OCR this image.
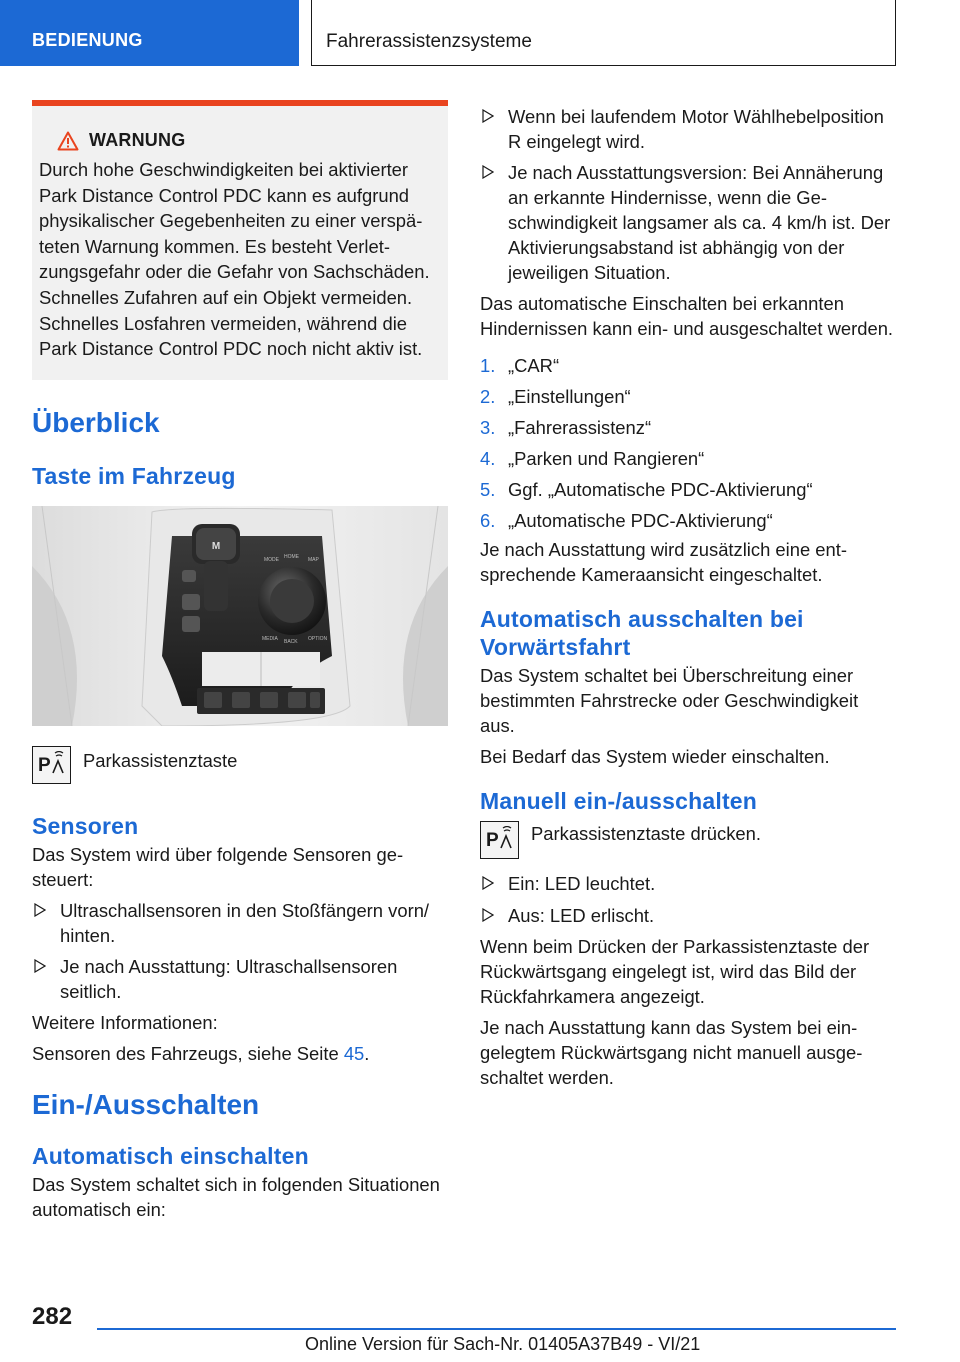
BEDIENUNG	Fahrerassistenzsysteme
WARNUNG

Durch hohe Geschwindigkeiten bei aktivierter Park Distance Control PDC kann es aufgrund physikalischer Gegebenheiten zu einer verspäteten Warnung kommen. Es besteht Verletzungsgefahr oder die Gefahr von Sachschäden. Schnelles Zufahren auf ein Objekt vermeiden. Schnelles Losfahren vermeiden, während die Park Distance Control PDC noch nicht aktiv ist.

Überblick
Taste im Fahrzeug
M
MODE HOME MAP
MEDIA BACK OPTION
P Parkassistenztaste
Sensoren

Das System wird über folgende Sensoren gesteuert:

Ultraschallsensoren in den Stoßfängern vorn/ hinten.
Je nach Ausstattung: Ultraschallsensoren seitlich.

Weitere Informationen:

Sensoren des Fahrzeugs, siehe Seite 45.

Ein-/Ausschalten
Automatisch einschalten

Das System schaltet sich in folgenden Situationen automatisch ein:

Wenn bei laufendem Motor Wählhebelposition R eingelegt wird.
Je nach Ausstattungsversion: Bei Annäherung an erkannte Hindernisse, wenn die Geschwindigkeit langsamer als ca. 4 km/h ist. Der Aktivierungsabstand ist abhängig von der jeweiligen Situation.

Das automatische Einschalten bei erkannten Hindernissen kann ein- und ausgeschaltet werden.

1. „CAR“
2. „Einstellungen“
3. „Fahrerassistenz“
4. „Parken und Rangieren“
5. Ggf. „Automatische PDC-Aktivierung“
6. „Automatische PDC-Aktivierung“

Je nach Ausstattung wird zusätzlich eine entsprechende Kameraansicht eingeschaltet.

Automatisch ausschalten bei Vorwärtsfahrt

Das System schaltet bei Überschreitung einer bestimmten Fahrstrecke oder Geschwindigkeit aus.

Bei Bedarf das System wieder einschalten.

Manuell ein-/ausschalten
P Parkassistenztaste drücken.
Ein: LED leuchtet.
Aus: LED erlischt.

Wenn beim Drücken der Parkassistenztaste der Rückwärtsgang eingelegt ist, wird das Bild der Rückfahrkamera angezeigt.

Je nach Ausstattung kann das System bei eingelegtem Rückwärtsgang nicht manuell ausgeschaltet werden.

282
Online Version für Sach-Nr. 01405A37B49 - VI/21
